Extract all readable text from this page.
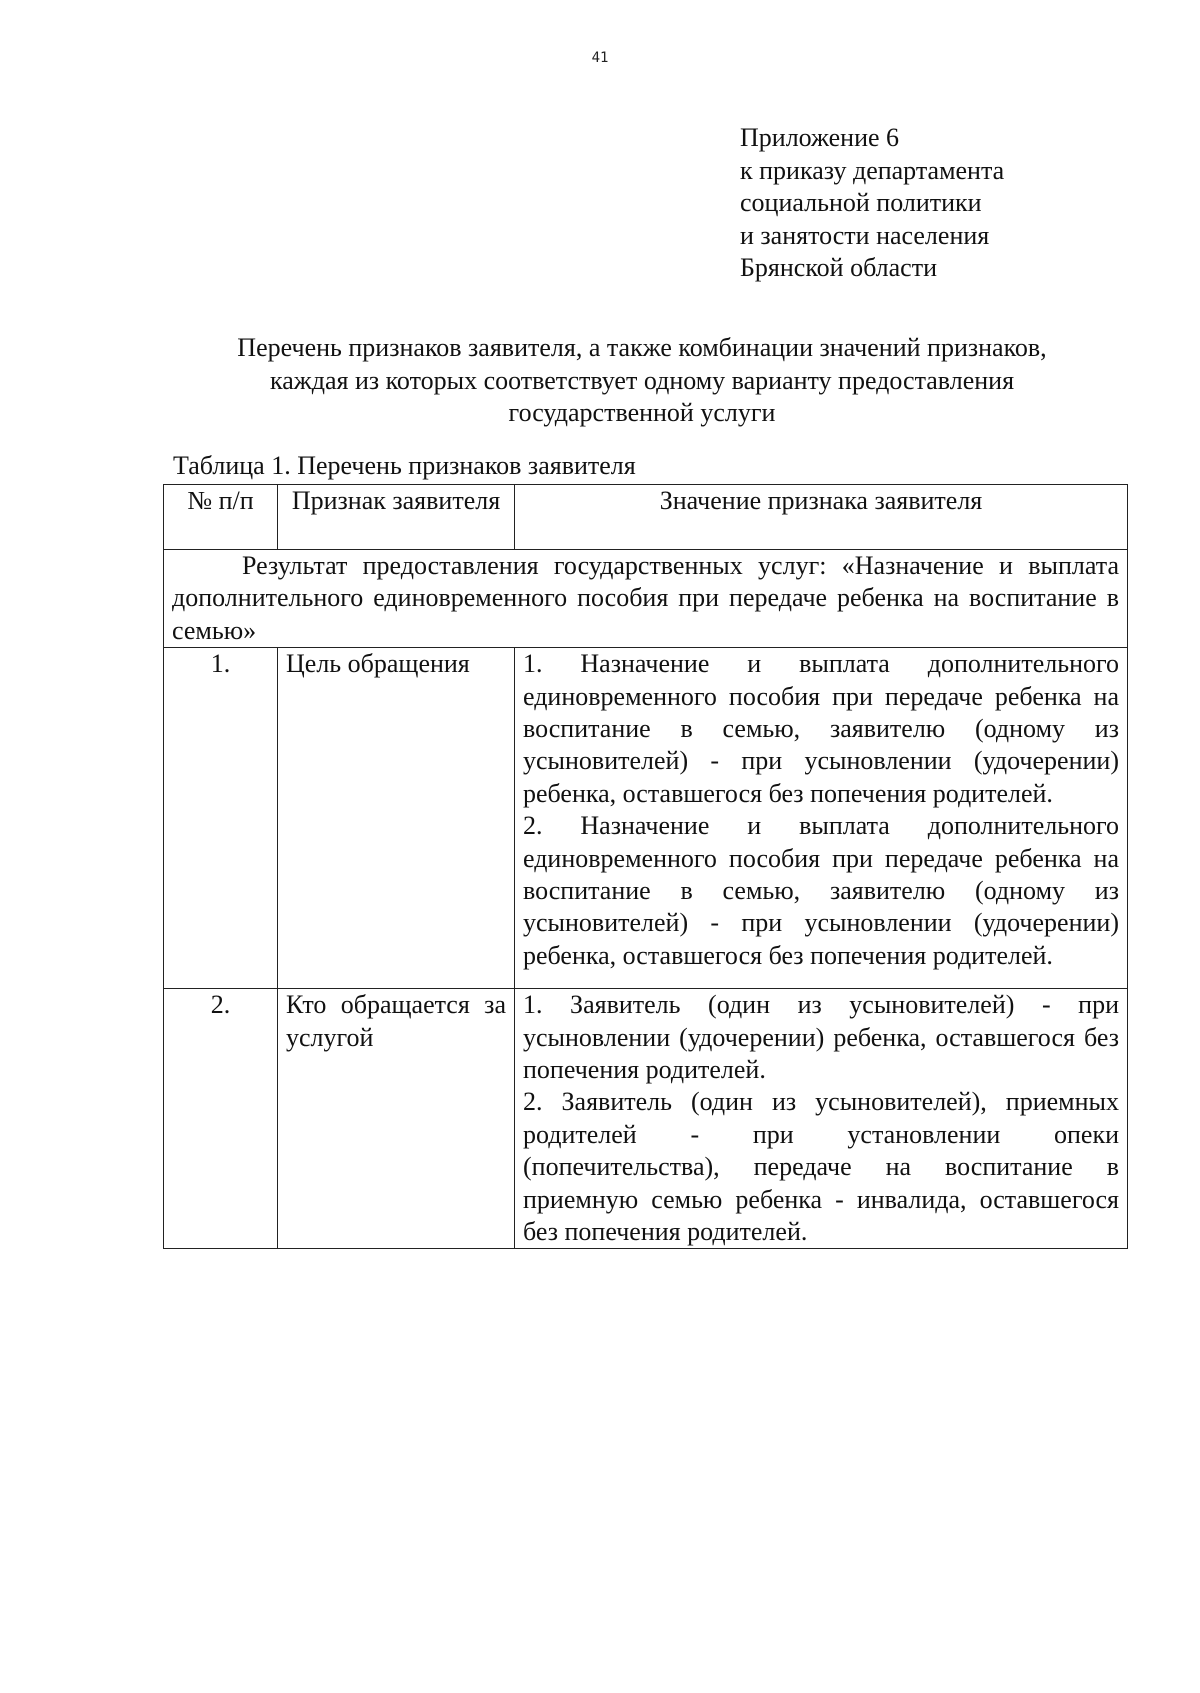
41
Приложение 6
к приказу департамента
социальной политики
и занятости населения
Брянской области
Перечень признаков заявителя, а также комбинации значений признаков,
каждая из которых соответствует одному варианту предоставления
государственной услуги
Таблица 1. Перечень признаков заявителя
№ п/п	Признак заявителя	Значение признака заявителя
Результат предоставления государственных услуг: «Назначение и выплата дополнительного единовременного пособия при передаче ребенка на воспитание в семью»		
1.	Цель обращения	1. Назначение и выплата дополнительного единовременного пособия при передаче ребенка на воспитание в семью, заявителю (одному из усыновителей) - при усыновлении (удочерении) ребенка, оставшегося без попечения родителей.
2. Назначение и выплата дополнительного единовременного пособия при передаче ребенка на воспитание в семью, заявителю (одному из усыновителей) - при усыновлении (удочерении) ребенка, оставшегося без попечения родителей.

2.	Кто обращается за услугой	1. Заявитель (один из усыновителей) - при усыновлении (удочерении) ребенка, оставшегося без попечения родителей.
2. Заявитель (один из усыновителей), приемных родителей - при установлении опеки (попечительства), передаче на воспитание в приемную семью ребенка - инвалида, оставшегося без попечения родителей.
